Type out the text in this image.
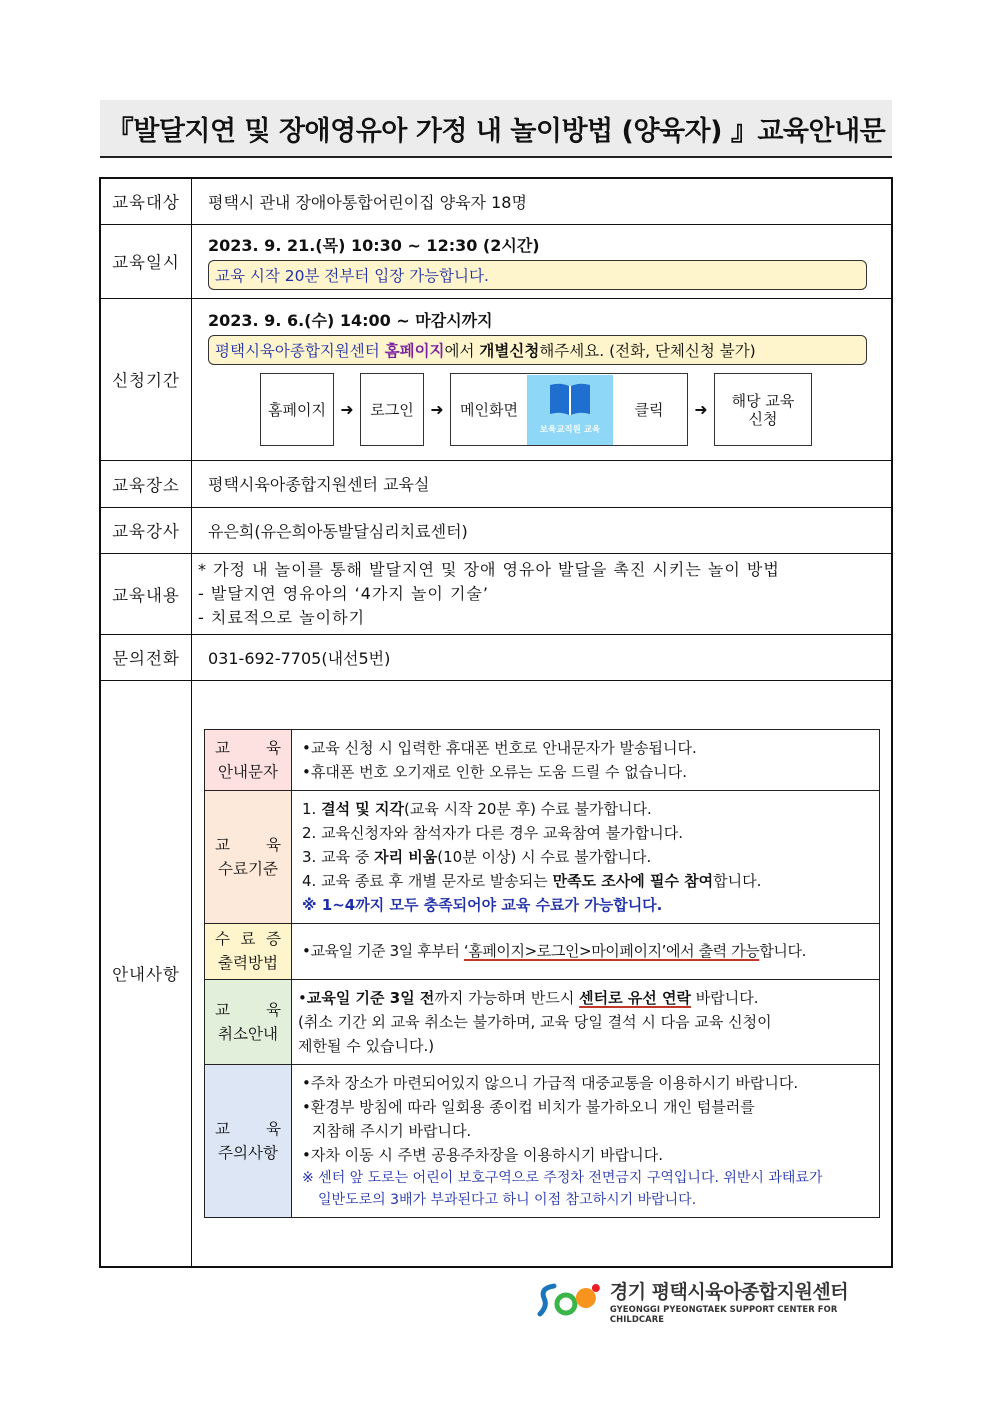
『발달지연 및 장애영유아 가정 내 놀이방법 (양육자) 』교육안내문
교육대상	평택시 관내 장애아통합어린이집 양육자 18명
교육일시	
2023. 9. 21.(목) 10:30 ~ 12:30 (2시간)
교육 시작 20분 전부터 입장 가능합니다.

신청기간	
2023. 9. 6.(수) 14:00 ~ 마감시까지
평택시육아종합지원센터 홈페이지에서 개별신청해주세요. (전화, 단체신청 불가)
홈페이지 ➜	로그인	➜	메인화면
보육교직원 교육
클릭	➜	해당 교육
신청

교육장소	평택시육아종합지원센터 교육실
교육강사	유은희(유은희아동발달심리치료센터)
교육내용	
* 가정 내 놀이를 통해 발달지연 및 장애 영유아 발달을 촉진 시키는 놀이 방법
- 발달지연 영유아의 ‘4가지 놀이 기술’
- 치료적으로 놀이하기

문의전화	031-692-7705(내선5번)
안내사항	
교 육
안내문자

•교육 신청 시 입력한 휴대폰 번호로 안내문자가 발송됩니다.
•휴대폰 번호 오기재로 인한 오류는 도움 드릴 수 없습니다.

교 육
수료기준

1. 결석 및 지각(교육 시작 20분 후) 수료 불가합니다.
2. 교육신청자와 참석자가 다른 경우 교육참여 불가합니다.
3. 교육 중 자리 비움(10분 이상) 시 수료 불가합니다.
4. 교육 종료 후 개별 문자로 발송되는 만족도 조사에 필수 참여합니다.
※ 1~4까지 모두 충족되어야 교육 수료가 가능합니다.

수 료 증
출력방법
	•교육일 기준 3일 후부터 ‘홈페이지>로그인>마이페이지’에서 출력 가능합니다.

교 육
취소안내

•교육일 기준 3일 전까지 가능하며 반드시 센터로 유선 연락 바랍니다.
(취소 기간 외 교육 취소는 불가하며, 교육 당일 결석 시 다음 교육 신청이
제한될 수 있습니다.)

교 육
주의사항

•주차 장소가 마련되어있지 않으니 가급적 대중교통을 이용하시기 바랍니다.
•환경부 방침에 따라 일회용 종이컵 비치가 불가하오니 개인 텀블러를
지참해 주시기 바랍니다.
•자차 이동 시 주변 공용주차장을 이용하시기 바랍니다.
※ 센터 앞 도로는 어린이 보호구역으로 주정차 전면금지 구역입니다. 위반시 과태료가
일반도로의 3배가 부과된다고 하니 이점 참고하시기 바랍니다.
경기 평택시육아종합지원센터
GYEONGGI PYEONGTAEK SUPPORT CENTER FOR CHILDCARE
